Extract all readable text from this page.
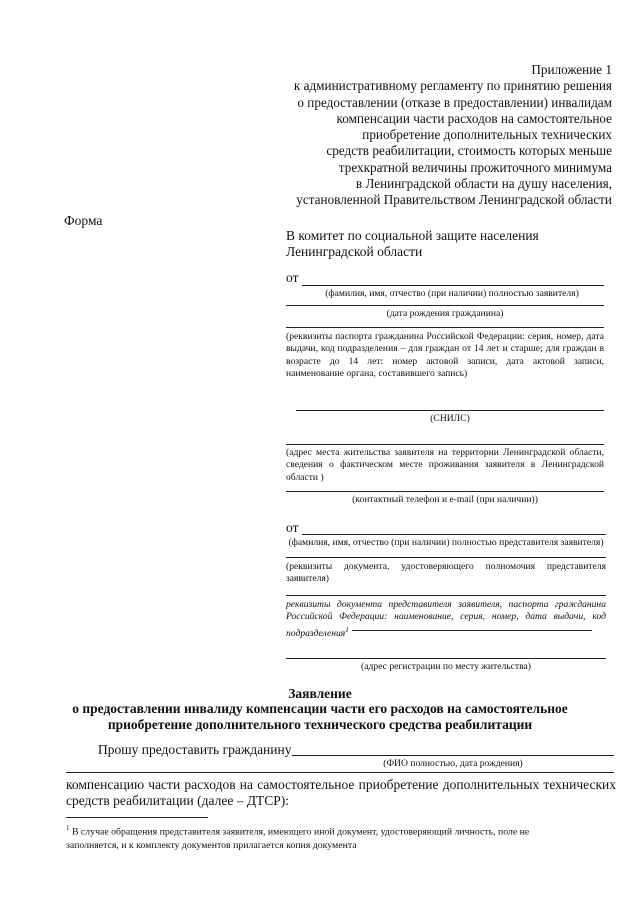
Приложение 1
к административному регламенту по принятию решения
о предоставлении (отказе в предоставлении) инвалидам
компенсации части расходов на самостоятельное
приобретение дополнительных технических
средств реабилитации, стоимость которых меньше
трехкратной величины прожиточного минимума
в Ленинградской области на душу населения,
установленной Правительством Ленинградской области
Форма
В комитет по социальной защите населения
Ленинградской области
от
(фамилия, имя, отчество (при наличии) полностью заявителя)
(дата рождения гражданина)
(реквизиты паспорта гражданина Российской Федерации: серия, номер, дата выдачи, код подразделения – для граждан от 14 лет и старше; для граждан в возрасте до 14 лет: номер актовой записи, дата актовой записи, наименование органа, составившего запись)
(СНИЛС)
(адрес места жительства заявителя на территории Ленинградской области, сведения о фактическом месте проживания заявителя в Ленинградской области )
(контактный телефон и e-mail (при наличии))
от
(фамилия, имя, отчество (при наличии) полностью представителя заявителя)
(реквизиты документа, удостоверяющего полномочия представителя заявителя)
реквизиты документа представителя заявителя, паспорта гражданина Российской Федерации: наименование, серия, номер, дата выдачи, код подразделения$^1$
(адрес регистрации по месту жительства)
Заявление
о предоставлении инвалиду компенсации части его расходов на самостоятельное
приобретение дополнительного технического средства реабилитации
Прошу предоставить гражданину
(ФИО полностью, дата рождения)
компенсацию части расходов на самостоятельное приобретение дополнительных технических
средств реабилитации (далее – ДТСР):
$^1$ В случае обращения представителя заявителя, имеющего иной документ, удостоверяющий личность, поле не
заполняется, и к комплекту документов прилагается копия документа
